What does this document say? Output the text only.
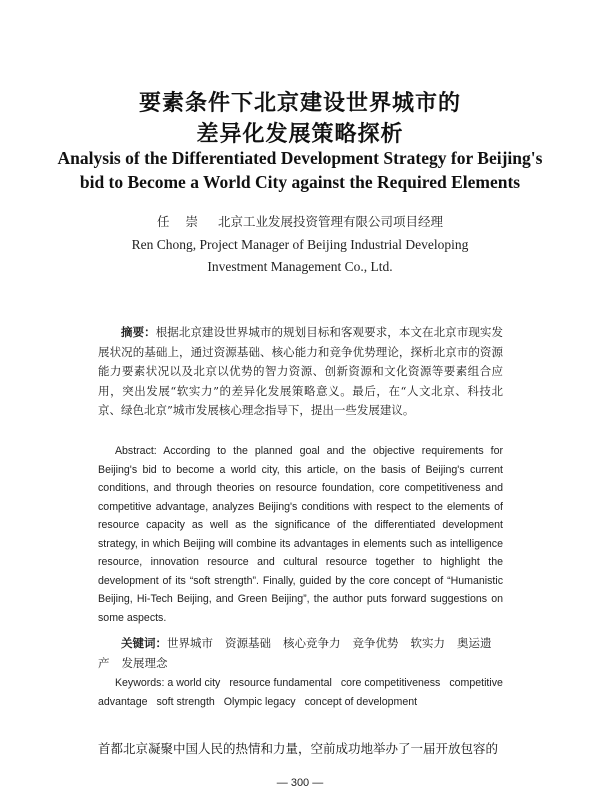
要素条件下北京建设世界城市的
差异化发展策略探析
Analysis of the Differentiated Development Strategy for Beijing's
bid to Become a World City against the Required Elements
任 崇 北京工业发展投资管理有限公司项目经理
Ren Chong, Project Manager of Beijing Industrial Developing
Investment Management Co., Ltd.

摘要：根据北京建设世界城市的规划目标和客观要求，本文在北京市现实发展状况的基础上，通过资源基础、核心能力和竞争优势理论，探析北京市的资源能力要素状况以及北京以优势的智力资源、创新资源和文化资源等要素组合应用，突出发展“软实力”的差异化发展策略意义。最后，在“人文北京、科技北京、绿色北京”城市发展核心理念指导下，提出一些发展建议。

Abstract: According to the planned goal and the objective requirements for Beijing's bid to become a world city, this article, on the basis of Beijing's current conditions, and through theories on resource foundation, core competitiveness and competitive advantage, analyzes Beijing's conditions with respect to the elements of resource capacity as well as the significance of the differentiated development strategy, in which Beijing will combine its advantages in elements such as intelligence resource, innovation resource and cultural resource together to highlight the development of its “soft strength”. Finally, guided by the core concept of “Humanistic Beijing, Hi-Tech Beijing, and Green Beijing”, the author puts forward suggestions on some aspects.

关键词：世界城市 资源基础 核心竞争力 竞争优势 软实力 奥运遗产 发展理念

Keywords: a world city resource fundamental core competitiveness competitive advantage soft strength Olympic legacy concept of development

首都北京凝聚中国人民的热情和力量，空前成功地举办了一届开放包容的

— 300 —
